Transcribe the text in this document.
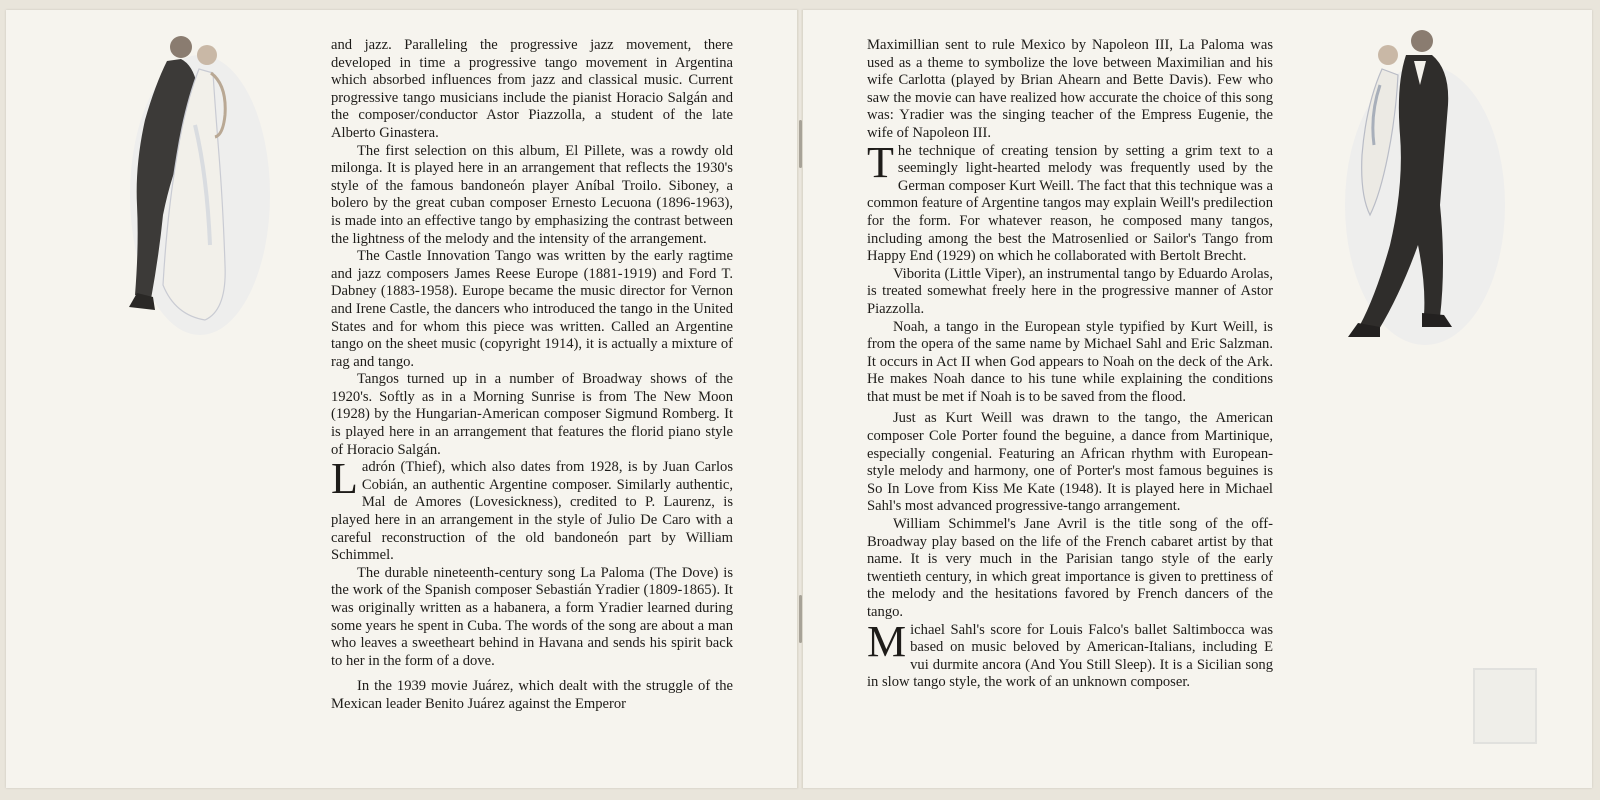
and jazz. Paralleling the progressive jazz movement, there developed in time a progressive tango movement in Argentina which absorbed influences from jazz and classical music. Current progressive tango musicians include the pianist Horacio Salgán and the composer/conductor Astor Piazzolla, a student of the late Alberto Ginastera.

The first selection on this album, El Pillete, was a rowdy old milonga. It is played here in an arrangement that reflects the 1930's style of the famous bandoneón player Aníbal Troilo. Siboney, a bolero by the great cuban composer Ernesto Lecuona (1896-1963), is made into an effective tango by emphasizing the contrast between the lightness of the melody and the intensity of the arrangement.

The Castle Innovation Tango was written by the early ragtime and jazz composers James Reese Europe (1881-1919) and Ford T. Dabney (1883-1958). Europe became the music director for Vernon and Irene Castle, the dancers who introduced the tango in the United States and for whom this piece was written. Called an Argentine tango on the sheet music (copyright 1914), it is actually a mixture of rag and tango.

Tangos turned up in a number of Broadway shows of the 1920's. Softly as in a Morning Sunrise is from The New Moon (1928) by the Hungarian-American composer Sigmund Romberg. It is played here in an arrangement that features the florid piano style of Horacio Salgán.

Ladrón (Thief), which also dates from 1928, is by Juan Carlos Cobián, an authentic Argentine composer. Similarly authentic, Mal de Amores (Lovesickness), credited to P. Laurenz, is played here in an arrangement in the style of Julio De Caro with a careful reconstruction of the old bandoneón part by William Schimmel.

The durable nineteenth-century song La Paloma (The Dove) is the work of the Spanish composer Sebastián Yradier (1809-1865). It was originally written as a habanera, a form Yradier learned during some years he spent in Cuba. The words of the song are about a man who leaves a sweetheart behind in Havana and sends his spirit back to her in the form of a dove.

In the 1939 movie Juárez, which dealt with the struggle of the Mexican leader Benito Juárez against the Emperor

Maximillian sent to rule Mexico by Napoleon III, La Paloma was used as a theme to symbolize the love between Maximilian and his wife Carlotta (played by Brian Ahearn and Bette Davis). Few who saw the movie can have realized how accurate the choice of this song was: Yradier was the singing teacher of the Empress Eugenie, the wife of Napoleon III.

The technique of creating tension by setting a grim text to a seemingly light-hearted melody was frequently used by the German composer Kurt Weill. The fact that this technique was a common feature of Argentine tangos may explain Weill's predilection for the form. For whatever reason, he composed many tangos, including among the best the Matrosenlied or Sailor's Tango from Happy End (1929) on which he collaborated with Bertolt Brecht.

Viborita (Little Viper), an instrumental tango by Eduardo Arolas, is treated somewhat freely here in the progressive manner of Astor Piazzolla.

Noah, a tango in the European style typified by Kurt Weill, is from the opera of the same name by Michael Sahl and Eric Salzman. It occurs in Act II when God appears to Noah on the deck of the Ark. He makes Noah dance to his tune while explaining the conditions that must be met if Noah is to be saved from the flood.

Just as Kurt Weill was drawn to the tango, the American composer Cole Porter found the beguine, a dance from Martinique, especially congenial. Featuring an African rhythm with European-style melody and harmony, one of Porter's most famous beguines is So In Love from Kiss Me Kate (1948). It is played here in Michael Sahl's most advanced progressive-tango arrangement.

William Schimmel's Jane Avril is the title song of the off-Broadway play based on the life of the French cabaret artist by that name. It is very much in the Parisian tango style of the early twentieth century, in which great importance is given to prettiness of the melody and the hesitations favored by French dancers of the tango.

Michael Sahl's score for Louis Falco's ballet Saltimbocca was based on music beloved by American-Italians, including E vui durmite ancora (And You Still Sleep). It is a Sicilian song in slow tango style, the work of an unknown composer.
